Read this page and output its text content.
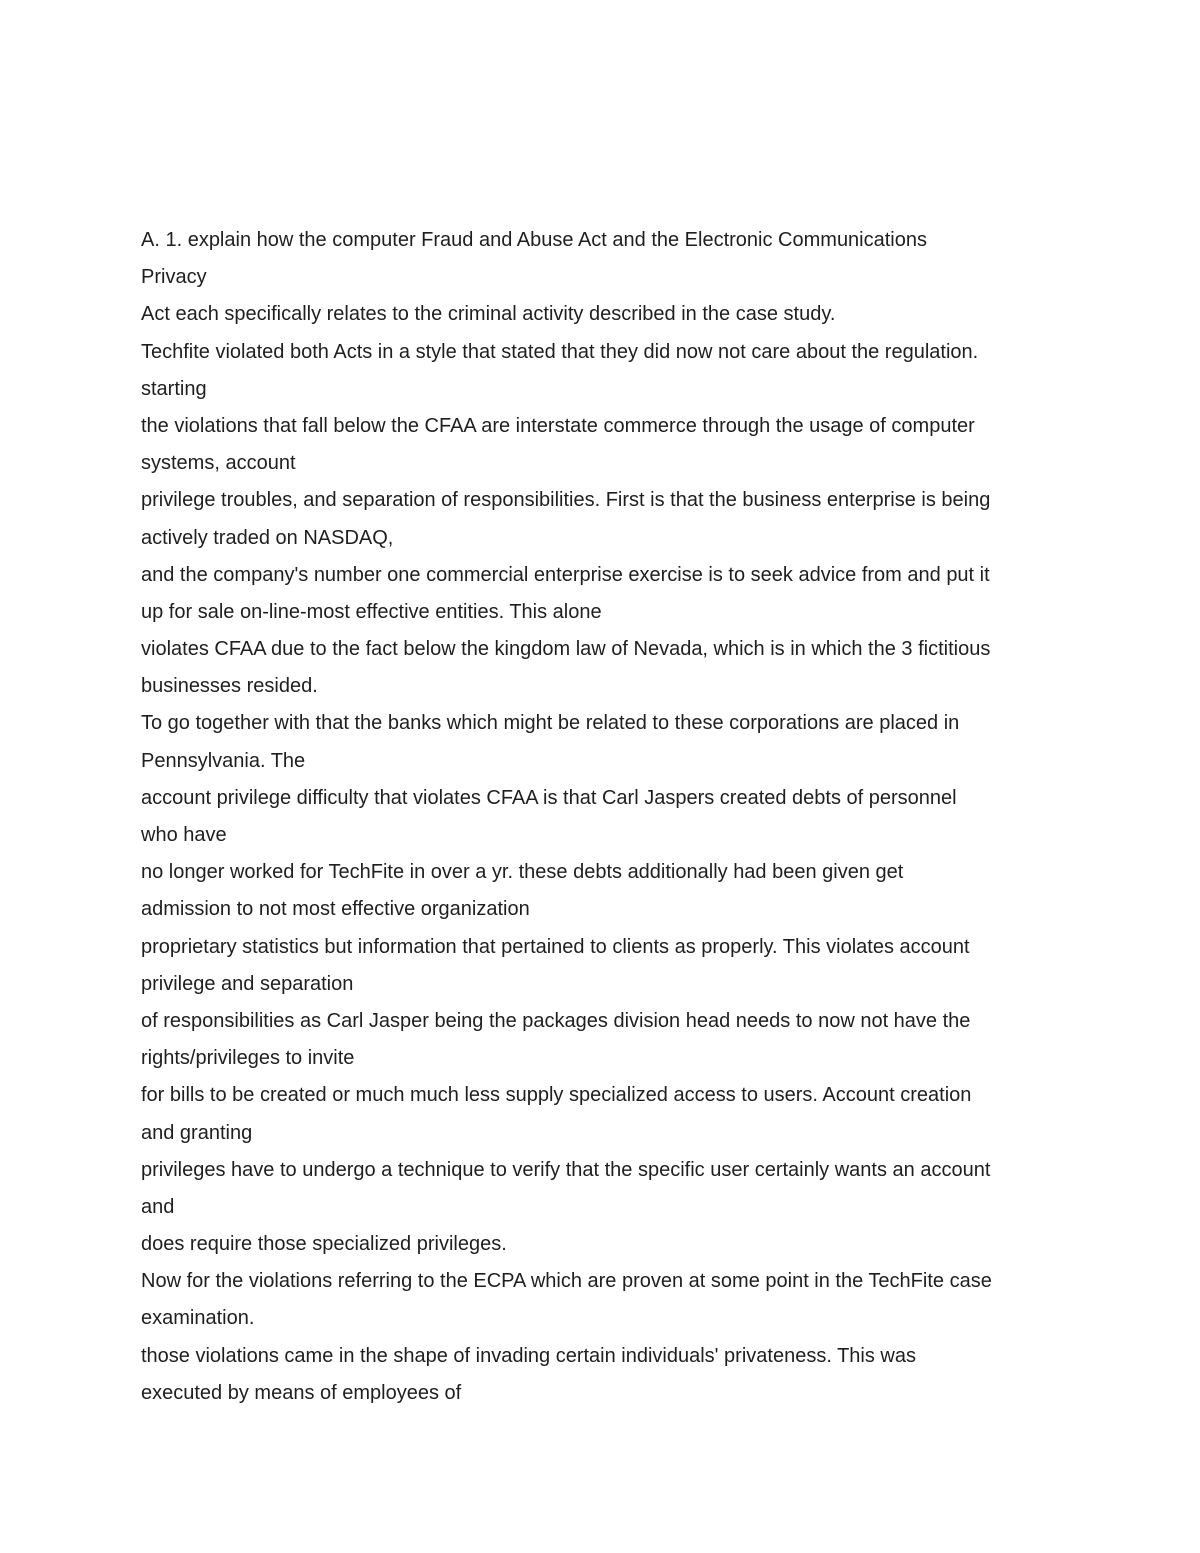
A. 1. explain how the computer Fraud and Abuse Act and the Electronic Communications
Privacy
Act each specifically relates to the criminal activity described in the case study.
Techfite violated both Acts in a style that stated that they did now not care about the regulation.
starting
the violations that fall below the CFAA are interstate commerce through the usage of computer
systems, account
privilege troubles, and separation of responsibilities. First is that the business enterprise is being
actively traded on NASDAQ,
and the company's number one commercial enterprise exercise is to seek advice from and put it
up for sale on-line-most effective entities. This alone
violates CFAA due to the fact below the kingdom law of Nevada, which is in which the 3 fictitious
businesses resided.
To go together with that the banks which might be related to these corporations are placed in
Pennsylvania. The
account privilege difficulty that violates CFAA is that Carl Jaspers created debts of personnel
who have
no longer worked for TechFite in over a yr. these debts additionally had been given get
admission to not most effective organization
proprietary statistics but information that pertained to clients as properly. This violates account
privilege and separation
of responsibilities as Carl Jasper being the packages division head needs to now not have the
rights/privileges to invite
for bills to be created or much much less supply specialized access to users. Account creation
and granting
privileges have to undergo a technique to verify that the specific user certainly wants an account
and
does require those specialized privileges.
Now for the violations referring to the ECPA which are proven at some point in the TechFite case
examination.
those violations came in the shape of invading certain individuals' privateness. This was
executed by means of employees of
